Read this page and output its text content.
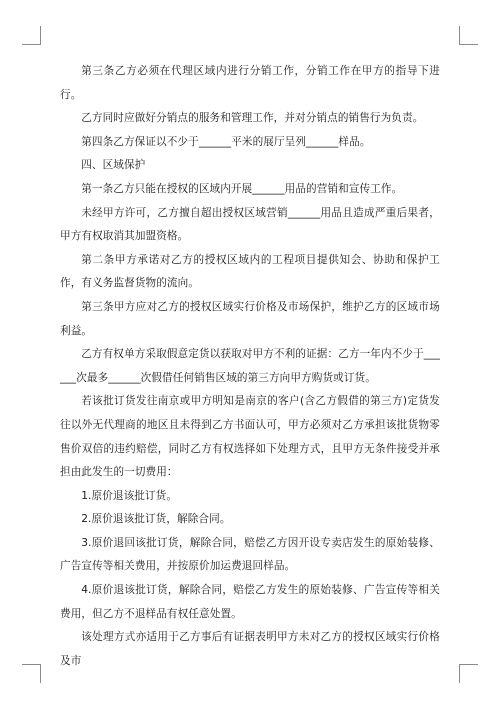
第三条乙方必须在代理区域内进行分销工作，分销工作在甲方的指导下进行。

乙方同时应做好分销点的服务和管理工作，并对分销点的销售行为负责。

第四条乙方保证以不少于______平米的展厅呈列______样品。

四、区域保护

第一条乙方只能在授权的区域内开展______用品的营销和宣传工作。

未经甲方许可，乙方擅自超出授权区域营销______用品且造成严重后果者，甲方有权取消其加盟资格。

第二条甲方承诺对乙方的授权区域内的工程项目提供知会、协助和保护工作，有义务监督货物的流向。

第三条甲方应对乙方的授权区域实行价格及市场保护，维护乙方的区域市场利益。

乙方有权单方采取假意定货以获取对甲方不利的证据：乙方一年内不少于______次最多______次假借任何销售区域的第三方向甲方购货或订货。

若该批订货发往南京或甲方明知是南京的客户(含乙方假借的第三方)定货发往以外无代理商的地区且未得到乙方书面认可，甲方必须对乙方承担该批货物零售价双倍的违约赔偿，同时乙方有权选择如下处理方式，且甲方无条件接受并承担由此发生的一切费用：

1.原价退该批订货。

2.原价退该批订货，解除合同。

3.原价退回该批订货，解除合同，赔偿乙方因开设专卖店发生的原始装修、广告宣传等相关费用，并按原价加运费退回样品。

4.原价退该批订货，解除合同，赔偿乙方发生的原始装修、广告宣传等相关费用，但乙方不退样品有权任意处置。

该处理方式亦适用于乙方事后有证据表明甲方未对乙方的授权区域实行价格及市
